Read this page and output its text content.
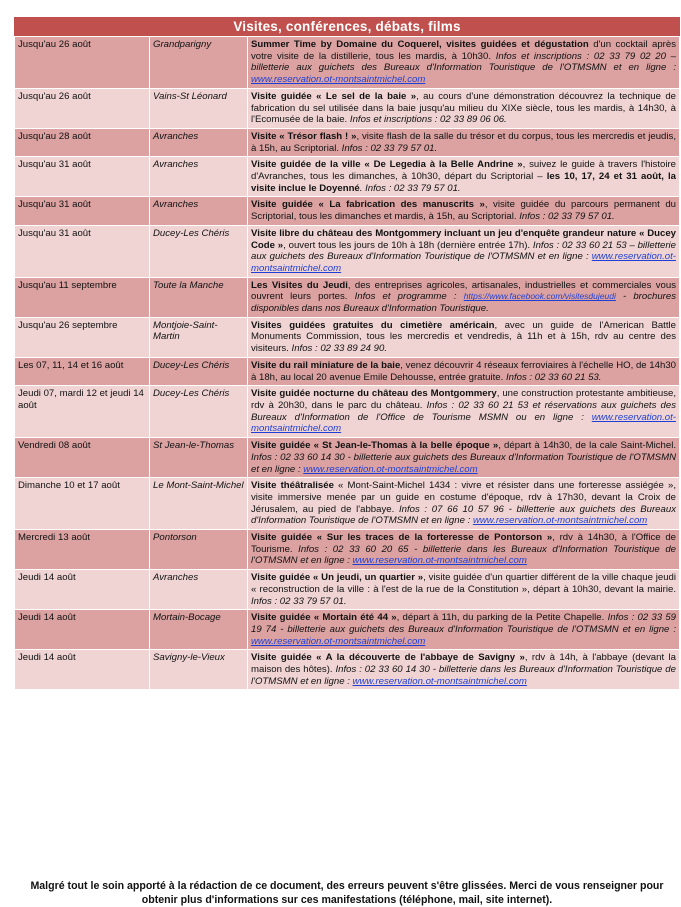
Visites, conférences, débats, films
Jusqu'au 26 août	Grandparigny	Summer Time by Domaine du Coquerel, visites guidées et dégustation d'un cocktail après votre visite de la distillerie, tous les mardis, à 10h30. Infos et inscriptions : 02 33 79 02 20 – billetterie aux guichets des Bureaux d'Information Touristique de l'OTMSMN et en ligne : www.reservation.ot-montsaintmichel.com
Jusqu'au 26 août	Vains-St Léonard	Visite guidée « Le sel de la baie », au cours d'une démonstration découvrez la technique de fabrication du sel utilisée dans la baie jusqu'au milieu du XIXe siècle, tous les mardis, à 14h30, à l'Ecomusée de la baie. Infos et inscriptions : 02 33 89 06 06.
Jusqu'au 28 août	Avranches	Visite « Trésor flash ! », visite flash de la salle du trésor et du corpus, tous les mercredis et jeudis, à 15h, au Scriptorial. Infos : 02 33 79 57 01.
Jusqu'au 31 août	Avranches	Visite guidée de la ville « De Legedia à la Belle Andrine », suivez le guide à travers l'histoire d'Avranches, tous les dimanches, à 10h30, départ du Scriptorial – les 10, 17, 24 et 31 août, la visite inclue le Doyenné. Infos : 02 33 79 57 01.
Jusqu'au 31 août	Avranches	Visite guidée « La fabrication des manuscrits », visite guidée du parcours permanent du Scriptorial, tous les dimanches et mardis, à 15h, au Scriptorial. Infos : 02 33 79 57 01.
Jusqu'au 31 août	Ducey-Les Chéris	Visite libre du château des Montgommery incluant un jeu d'enquête grandeur nature « Ducey Code », ouvert tous les jours de 10h à 18h (dernière entrée 17h). Infos : 02 33 60 21 53 – billetterie aux guichets des Bureaux d'Information Touristique de l'OTMSMN et en ligne : www.reservation.ot-montsaintmichel.com
Jusqu'au 11 septembre	Toute la Manche	Les Visites du Jeudi, des entreprises agricoles, artisanales, industrielles et commerciales vous ouvrent leurs portes. Infos et programme : https://www.facebook.com/visitesdujeudi - brochures disponibles dans nos Bureaux d'Information Touristique.
Jusqu'au 26 septembre	Montjoie-Saint-Martin	Visites guidées gratuites du cimetière américain, avec un guide de l'American Battle Monuments Commission, tous les mercredis et vendredis, à 11h et à 15h, rdv au centre des visiteurs. Infos : 02 33 89 24 90.
Les 07, 11, 14 et 16 août	Ducey-Les Chéris	Visite du rail miniature de la baie, venez découvrir 4 réseaux ferroviaires à l'échelle HO, de 14h30 à 18h, au local 20 avenue Emile Dehousse, entrée gratuite. Infos : 02 33 60 21 53.
Jeudi 07, mardi 12 et jeudi 14 août	Ducey-Les Chéris	Visite guidée nocturne du château des Montgommery, une construction protestante ambitieuse, rdv à 20h30, dans le parc du château. Infos : 02 33 60 21 53 et réservations aux guichets des Bureaux d'Information de l'Office de Tourisme MSMN ou en ligne : www.reservation.ot-montsaintmichel.com
Vendredi 08 août	St Jean-le-Thomas	Visite guidée « St Jean-le-Thomas à la belle époque », départ à 14h30, de la cale Saint-Michel. Infos : 02 33 60 14 30 - billetterie aux guichets des Bureaux d'Information Touristique de l'OTMSMN et en ligne : www.reservation.ot-montsaintmichel.com
Dimanche 10 et 17 août	Le Mont-Saint-Michel	Visite théâtralisée « Mont-Saint-Michel 1434 : vivre et résister dans une forteresse assiégée », visite immersive menée par un guide en costume d'époque, rdv à 17h30, devant la Croix de Jérusalem, au pied de l'abbaye. Infos : 07 66 10 57 96 - billetterie aux guichets des Bureaux d'Information Touristique de l'OTMSMN et en ligne : www.reservation.ot-montsaintmichel.com
Mercredi 13 août	Pontorson	Visite guidée « Sur les traces de la forteresse de Pontorson », rdv à 14h30, à l'Office de Tourisme. Infos : 02 33 60 20 65 - billetterie dans les Bureaux d'Information Touristique de l'OTMSMN et en ligne : www.reservation.ot-montsaintmichel.com
Jeudi 14 août	Avranches	Visite guidée « Un jeudi, un quartier », visite guidée d'un quartier différent de la ville chaque jeudi « reconstruction de la ville : à l'est de la rue de la Constitution », départ à 10h30, devant la mairie. Infos : 02 33 79 57 01.
Jeudi 14 août	Mortain-Bocage	Visite guidée « Mortain été 44 », départ à 11h, du parking de la Petite Chapelle. Infos : 02 33 59 19 74 - billetterie aux guichets des Bureaux d'Information Touristique de l'OTMSMN et en ligne : www.reservation.ot-montsaintmichel.com
Jeudi 14 août	Savigny-le-Vieux	Visite guidée « A la découverte de l'abbaye de Savigny », rdv à 14h, à l'abbaye (devant la maison des hôtes). Infos : 02 33 60 14 30 - billetterie dans les Bureaux d'Information Touristique de l'OTMSMN et en ligne : www.reservation.ot-montsaintmichel.com
Malgré tout le soin apporté à la rédaction de ce document, des erreurs peuvent s'être glissées. Merci de vous renseigner pour obtenir plus d'informations sur ces manifestations (téléphone, mail, site internet).
